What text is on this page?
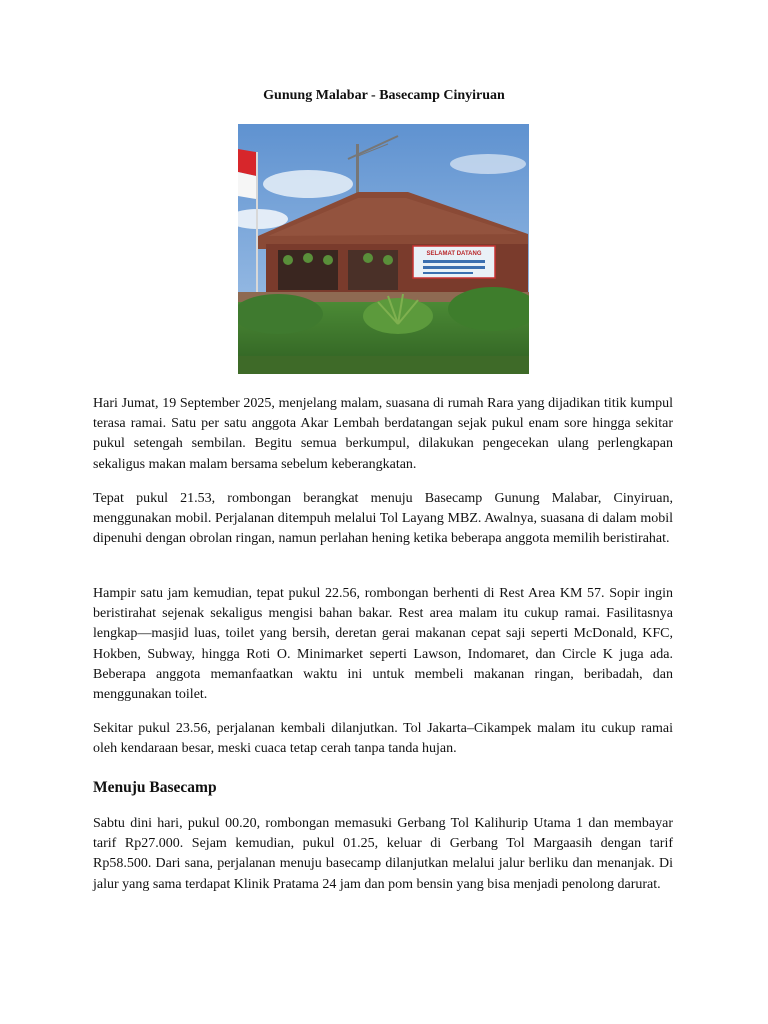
Gunung Malabar - Basecamp Cinyiruan
SELAMAT DATANG

Hari Jumat, 19 September 2025, menjelang malam, suasana di rumah Rara yang dijadikan titik kumpul terasa ramai. Satu per satu anggota Akar Lembah berdatangan sejak pukul enam sore hingga sekitar pukul setengah sembilan. Begitu semua berkumpul, dilakukan pengecekan ulang perlengkapan sekaligus makan malam bersama sebelum keberangkatan.

Tepat pukul 21.53, rombongan berangkat menuju Basecamp Gunung Malabar, Cinyiruan, menggunakan mobil. Perjalanan ditempuh melalui Tol Layang MBZ. Awalnya, suasana di dalam mobil dipenuhi dengan obrolan ringan, namun perlahan hening ketika beberapa anggota memilih beristirahat.

Hampir satu jam kemudian, tepat pukul 22.56, rombongan berhenti di Rest Area KM 57. Sopir ingin beristirahat sejenak sekaligus mengisi bahan bakar. Rest area malam itu cukup ramai. Fasilitasnya lengkap—masjid luas, toilet yang bersih, deretan gerai makanan cepat saji seperti McDonald, KFC, Hokben, Subway, hingga Roti O. Minimarket seperti Lawson, Indomaret, dan Circle K juga ada. Beberapa anggota memanfaatkan waktu ini untuk membeli makanan ringan, beribadah, dan menggunakan toilet.

Sekitar pukul 23.56, perjalanan kembali dilanjutkan. Tol Jakarta–Cikampek malam itu cukup ramai oleh kendaraan besar, meski cuaca tetap cerah tanpa tanda hujan.

Menuju Basecamp

Sabtu dini hari, pukul 00.20, rombongan memasuki Gerbang Tol Kalihurip Utama 1 dan membayar tarif Rp27.000. Sejam kemudian, pukul 01.25, keluar di Gerbang Tol Margaasih dengan tarif Rp58.500. Dari sana, perjalanan menuju basecamp dilanjutkan melalui jalur berliku dan menanjak. Di jalur yang sama terdapat Klinik Pratama 24 jam dan pom bensin yang bisa menjadi penolong darurat.
